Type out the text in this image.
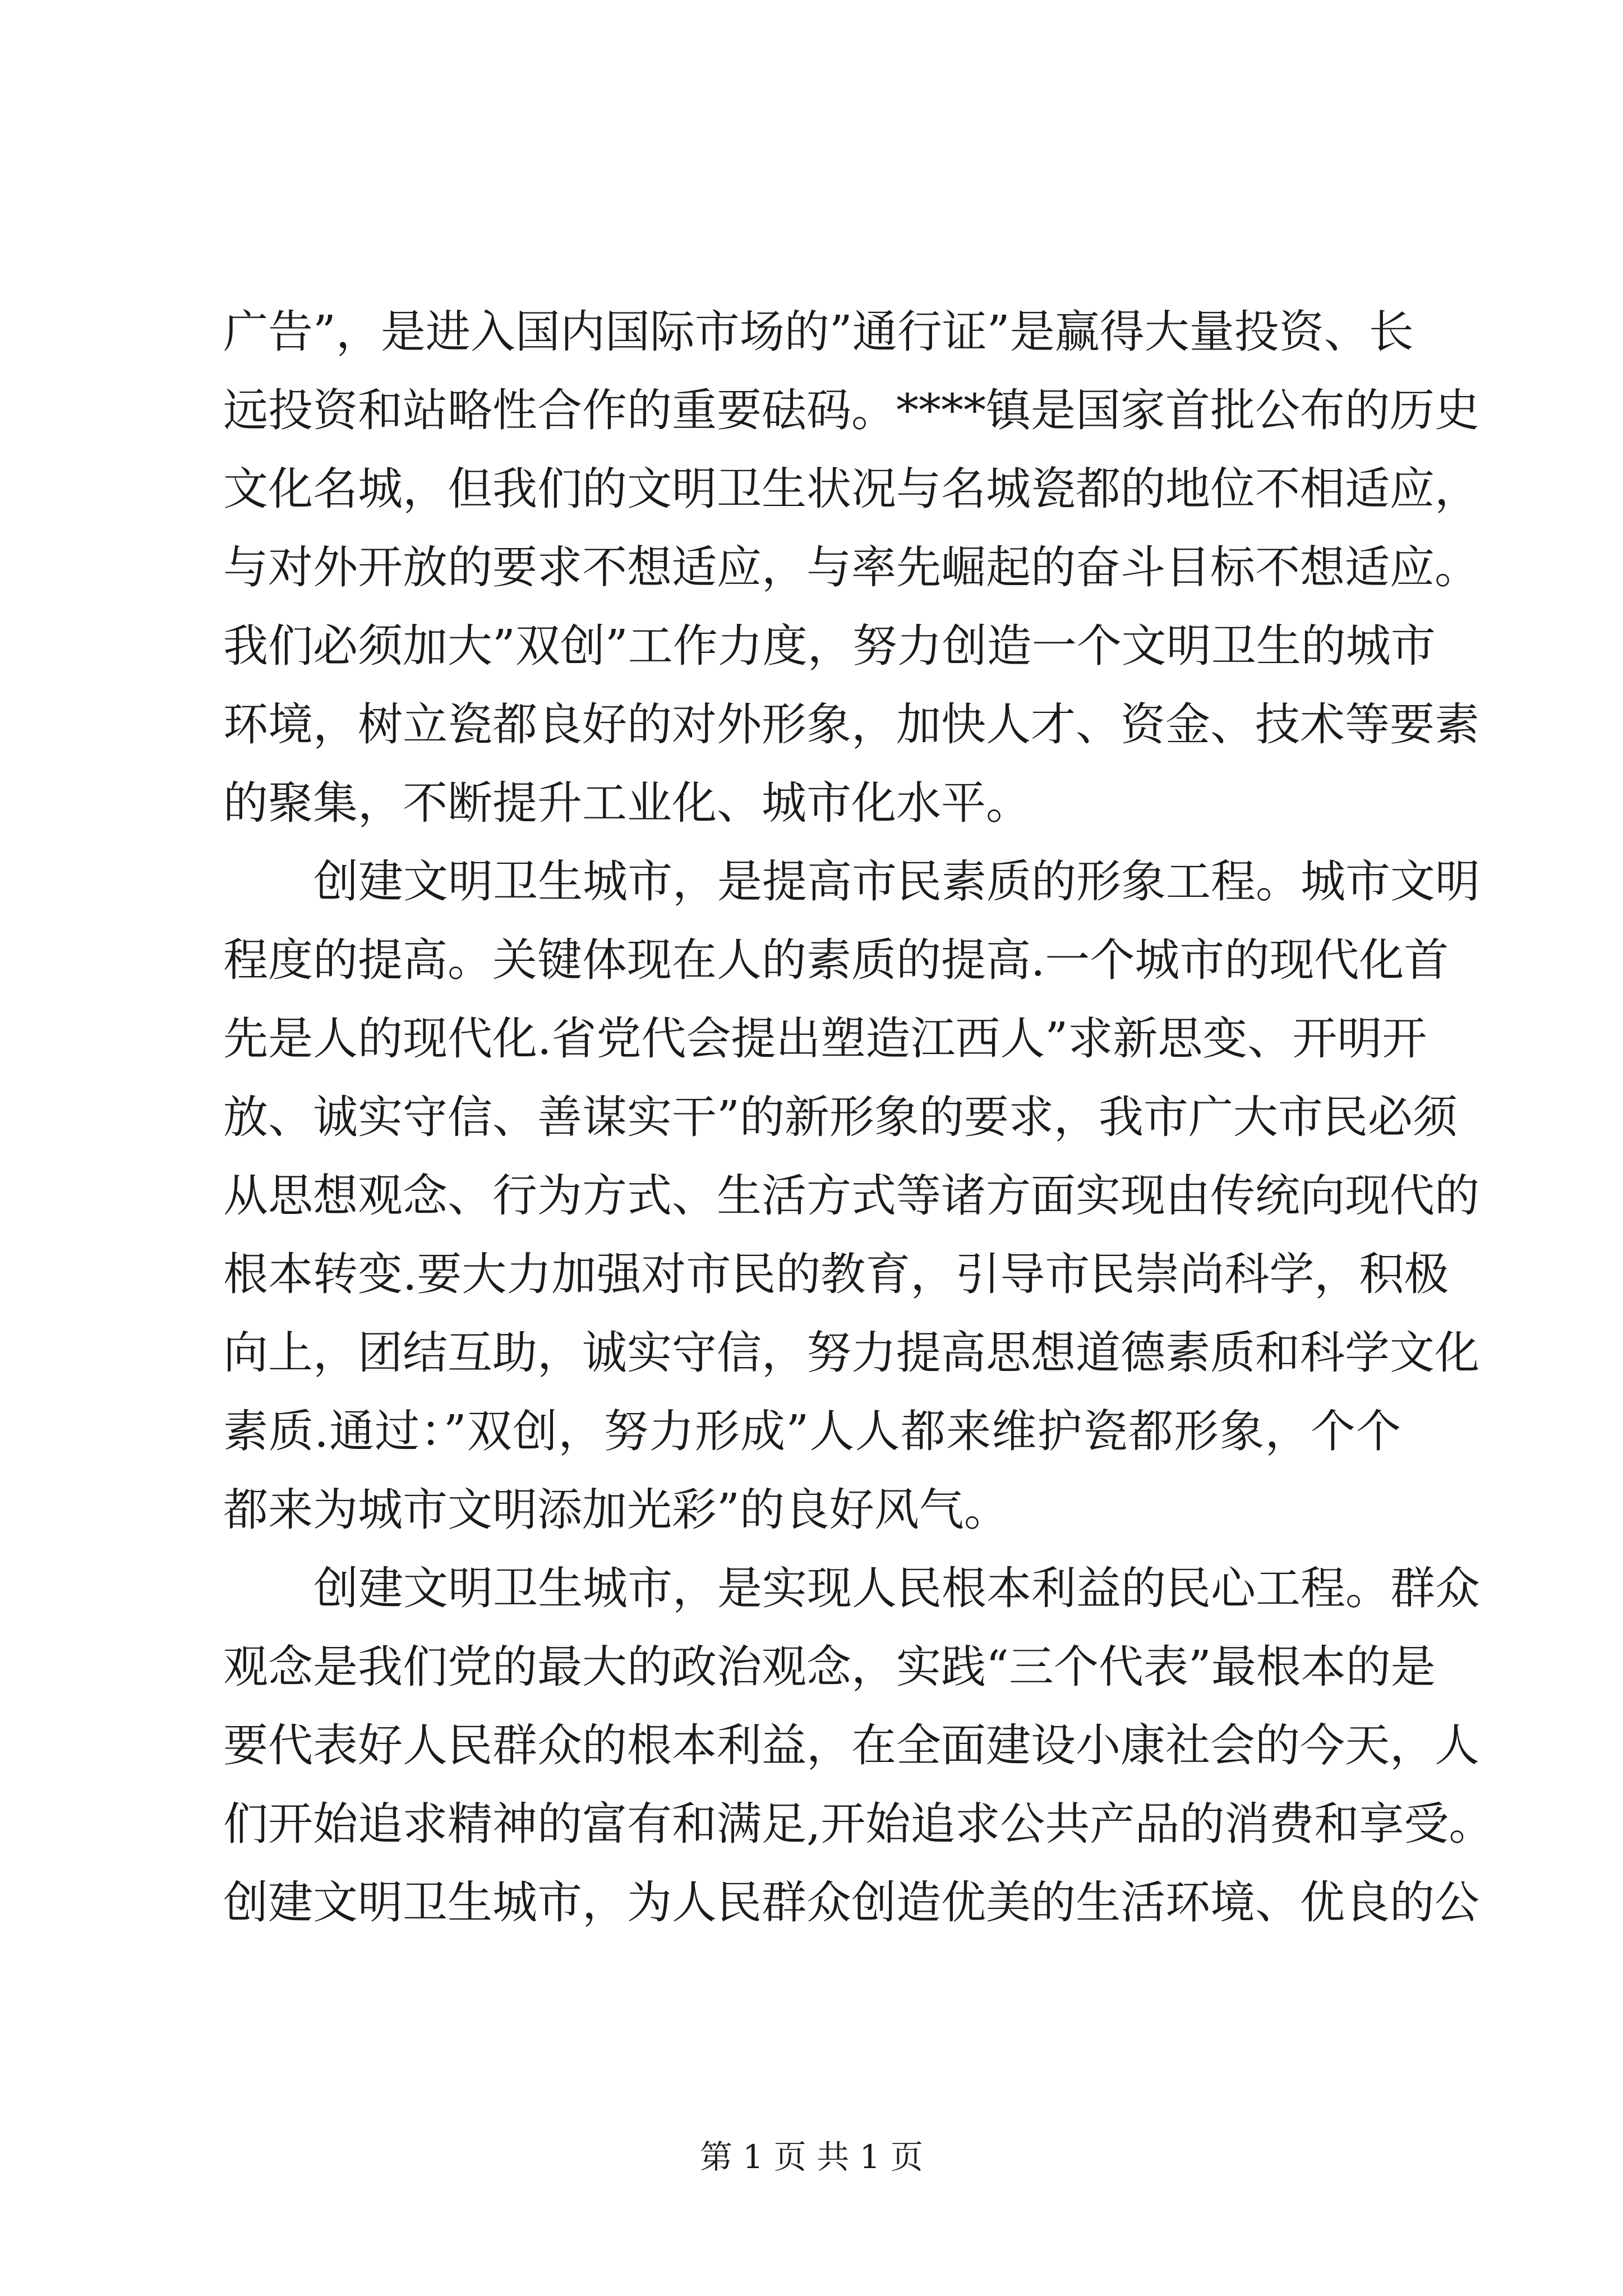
广告”，是进入国内国际市场的”通行证”是赢得大量投资、长
远投资和站略性合作的重要砝码。****镇是国家首批公布的历史
文化名城，但我们的文明卫生状况与名城瓷都的地位不相适应，
与对外开放的要求不想适应，与率先崛起的奋斗目标不想适应。
我们必须加大”双创”工作力度，努力创造一个文明卫生的城市
环境，树立瓷都良好的对外形象，加快人才、资金、技术等要素
的聚集，不断提升工业化、城市化水平。
创建文明卫生城市，是提高市民素质的形象工程。城市文明
程度的提高。关键体现在人的素质的提高.一个城市的现代化首
先是人的现代化.省党代会提出塑造江西人”求新思变、开明开
放、诚实守信、善谋实干”的新形象的要求，我市广大市民必须
从思想观念、行为方式、生活方式等诸方面实现由传统向现代的
根本转变.要大力加强对市民的教育，引导市民崇尚科学，积极
向上，团结互助，诚实守信，努力提高思想道德素质和科学文化
素质.通过：”双创，努力形成”人人都来维护瓷都形象，个个
都来为城市文明添加光彩”的良好风气。
创建文明卫生城市，是实现人民根本利益的民心工程。群众
观念是我们党的最大的政治观念，实践“三个代表”最根本的是
要代表好人民群众的根本利益，在全面建设小康社会的今天，人
们开始追求精神的富有和满足,开始追求公共产品的消费和享受。
创建文明卫生城市，为人民群众创造优美的生活环境、优良的公
第 1 页 共 1 页
